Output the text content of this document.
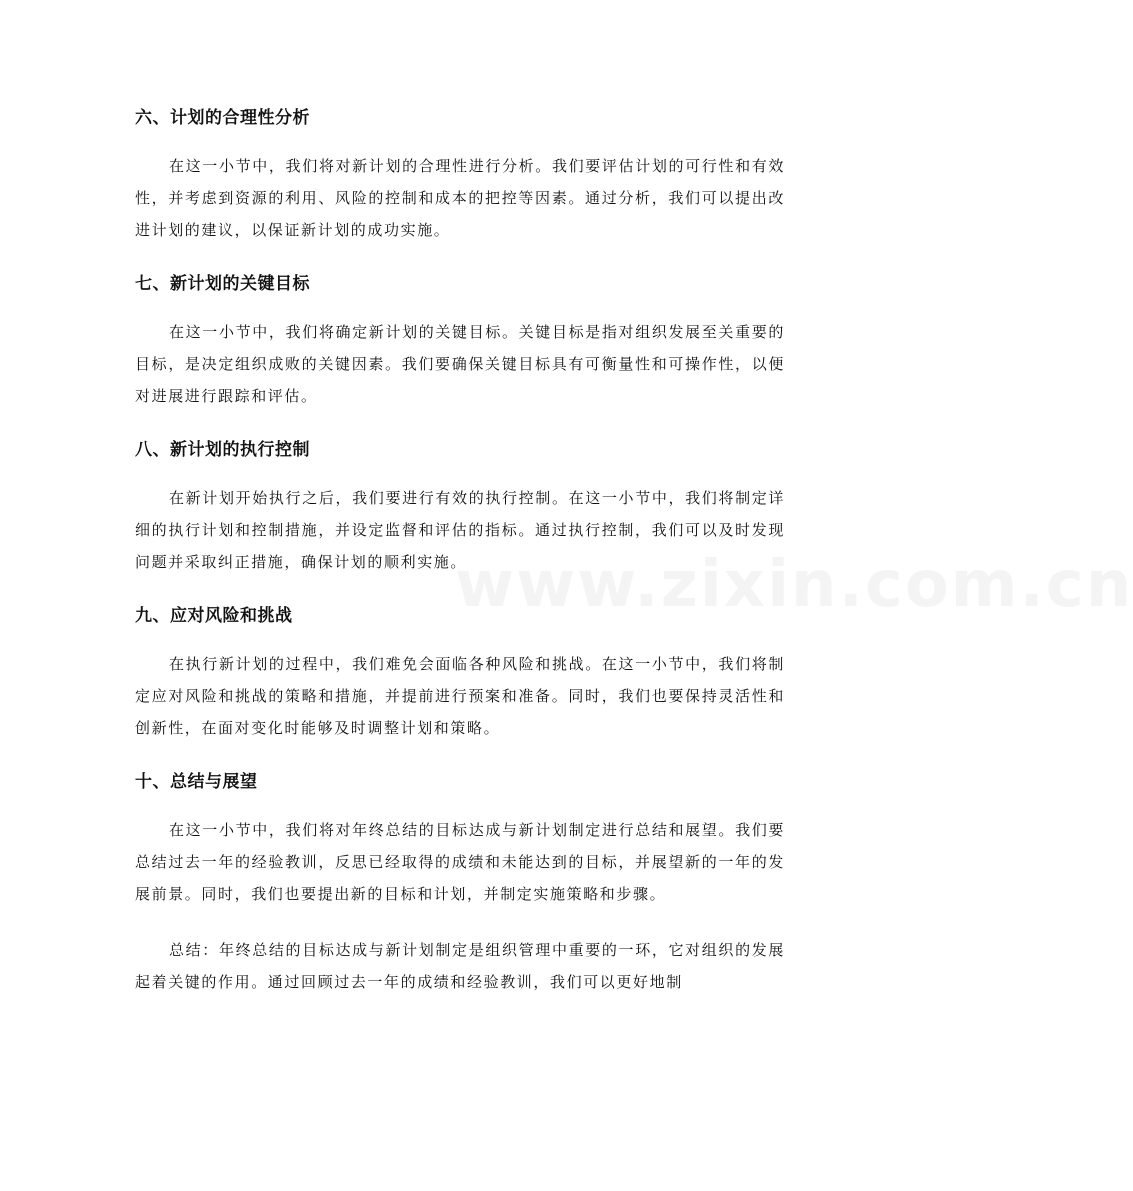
www.zixin.com.cn
六、计划的合理性分析

在这一小节中，我们将对新计划的合理性进行分析。我们要评估计划的可行性和有效性，并考虑到资源的利用、风险的控制和成本的把控等因素。通过分析，我们可以提出改进计划的建议，以保证新计划的成功实施。

七、新计划的关键目标

在这一小节中，我们将确定新计划的关键目标。关键目标是指对组织发展至关重要的目标，是决定组织成败的关键因素。我们要确保关键目标具有可衡量性和可操作性，以便对进展进行跟踪和评估。

八、新计划的执行控制

在新计划开始执行之后，我们要进行有效的执行控制。在这一小节中，我们将制定详细的执行计划和控制措施，并设定监督和评估的指标。通过执行控制，我们可以及时发现问题并采取纠正措施，确保计划的顺利实施。

九、应对风险和挑战

在执行新计划的过程中，我们难免会面临各种风险和挑战。在这一小节中，我们将制定应对风险和挑战的策略和措施，并提前进行预案和准备。同时，我们也要保持灵活性和创新性，在面对变化时能够及时调整计划和策略。

十、总结与展望

在这一小节中，我们将对年终总结的目标达成与新计划制定进行总结和展望。我们要总结过去一年的经验教训，反思已经取得的成绩和未能达到的目标，并展望新的一年的发展前景。同时，我们也要提出新的目标和计划，并制定实施策略和步骤。

总结：年终总结的目标达成与新计划制定是组织管理中重要的一环，它对组织的发展起着关键的作用。通过回顾过去一年的成绩和经验教训，我们可以更好地制
